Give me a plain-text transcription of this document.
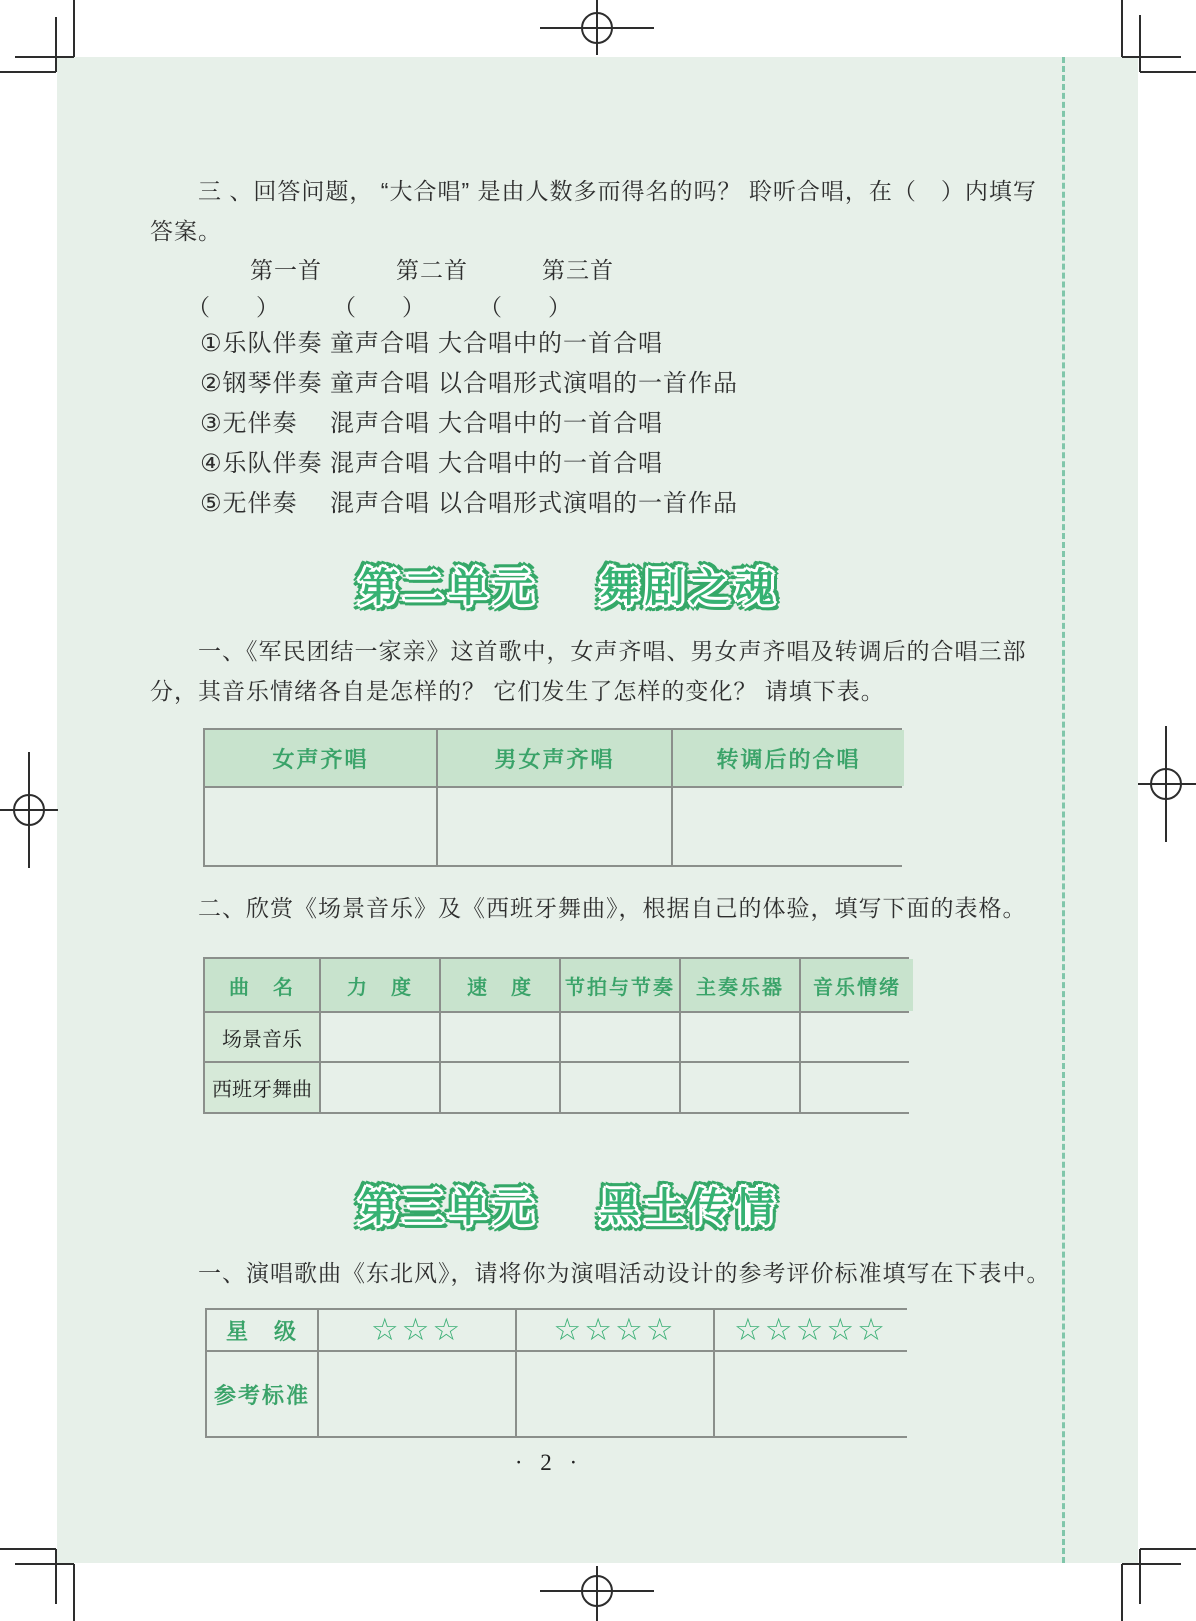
三 、回答问题， “大合唱” 是由人数多而得名的吗？ 聆听合唱，在（　）内填写
答案。
第一首	第二首	第三首
（　　） （　　） （　　）
①乐队伴奏 童声合唱 大合唱中的一首合唱
②钢琴伴奏 童声合唱 以合唱形式演唱的一首作品
③无伴奏	混声合唱 大合唱中的一首合唱
④乐队伴奏 混声合唱 大合唱中的一首合唱
⑤无伴奏	混声合唱 以合唱形式演唱的一首作品
第二单元　 舞剧之魂
一、《军民团结一家亲》这首歌中，女声齐唱、男女声齐唱及转调后的合唱三部
分，其音乐情绪各自是怎样的？ 它们发生了怎样的变化？ 请填下表。
女声齐唱	男女声齐唱	转调后的合唱
二、欣赏《场景音乐》及《西班牙舞曲》，根据自己的体验，填写下面的表格。
曲　名	力　度	速　度	节拍与节奏	主奏乐器	音乐情绪
场景音乐
西班牙舞曲
第三单元　 黑土传情
一、演唱歌曲《东北风》，请将你为演唱活动设计的参考评价标准填写在下表中。
星　级	☆☆☆	☆☆☆☆	☆☆☆☆☆
参考标准
· 2 ·
